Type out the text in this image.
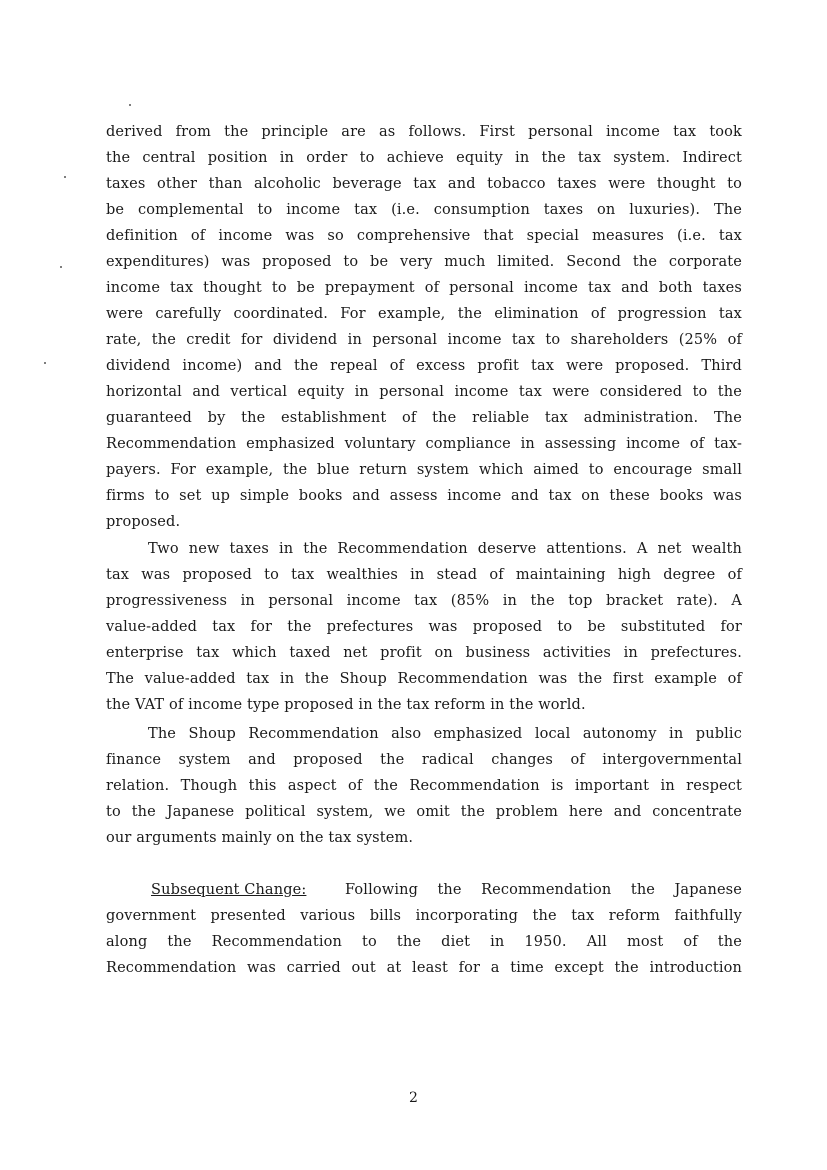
derived from the principle are as follows. First personal income tax took
the central position in order to achieve equity in the tax system. Indirect
taxes other than alcoholic beverage tax and tobacco taxes were thought to
be complemental to income tax (i.e. consumption taxes on luxuries). The
definition of income was so comprehensive that special measures (i.e. tax
expenditures) was proposed to be very much limited. Second the corporate
income tax thought to be prepayment of personal income tax and both taxes
were carefully coordinated. For example, the elimination of progression tax
rate, the credit for dividend in personal income tax to shareholders (25% of
dividend income) and the repeal of excess profit tax were proposed. Third
horizontal and vertical equity in personal income tax were considered to the
guaranteed by the establishment of the reliable tax administration. The
Recommendation emphasized voluntary compliance in assessing income of tax-
payers. For example, the blue return system which aimed to encourage small
firms to set up simple books and assess income and tax on these books was
proposed.
Two new taxes in the Recommendation deserve attentions. A net wealth
tax was proposed to tax wealthies in stead of maintaining high degree of
progressiveness in personal income tax (85% in the top bracket rate). A
value-added tax for the prefectures was proposed to be substituted for
enterprise tax which taxed net profit on business activities in prefectures.
The value-added tax in the Shoup Recommendation was the first example of
the VAT of income type proposed in the tax reform in the world.
The Shoup Recommendation also emphasized local autonomy in public
finance system and proposed the radical changes of intergovernmental
relation. Though this aspect of the Recommendation is important in respect
to the Japanese political system, we omit the problem here and concentrate
our arguments mainly on the tax system.
Subsequent Change:	Following the Recommendation the Japanese
government presented various bills incorporating the tax reform faithfully
along the Recommendation to the diet in 1950. All most of the
Recommendation was carried out at least for a time except the introduction
2
